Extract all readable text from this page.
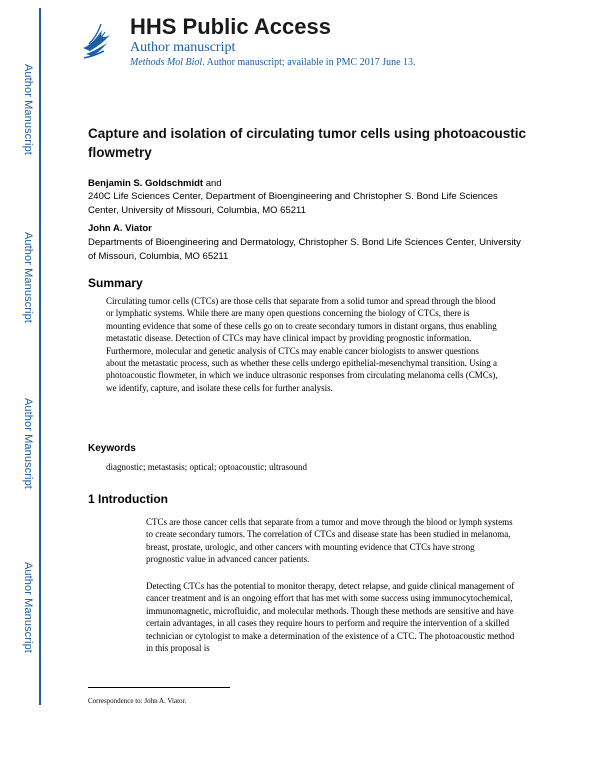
Author Manuscript
Author Manuscript
Author Manuscript
Author Manuscript
HHS Public Access
Author manuscript
Methods Mol Biol. Author manuscript; available in PMC 2017 June 13.
Capture and isolation of circulating tumor cells using photoacoustic flowmetry
Benjamin S. Goldschmidt and
240C Life Sciences Center, Department of Bioengineering and Christopher S. Bond Life Sciences Center, University of Missouri, Columbia, MO 65211
John A. Viator
Departments of Bioengineering and Dermatology, Christopher S. Bond Life Sciences Center, University of Missouri, Columbia, MO 65211
Summary
Circulating tumor cells (CTCs) are those cells that separate from a solid tumor and spread through the blood or lymphatic systems. While there are many open questions concerning the biology of CTCs, there is mounting evidence that some of these cells go on to create secondary tumors in distant organs, thus enabling metastatic disease. Detection of CTCs may have clinical impact by providing prognostic information. Furthermore, molecular and genetic analysis of CTCs may enable cancer biologists to answer questions about the metastatic process, such as whether these cells undergo epithelial-mesenchymal transition. Using a photoacoustic flowmeter, in which we induce ultrasonic responses from circulating melanoma cells (CMCs), we identify, capture, and isolate these cells for further analysis.
Keywords
diagnostic; metastasis; optical; optoacoustic; ultrasound
1 Introduction
CTCs are those cancer cells that separate from a tumor and move through the blood or lymph systems to create secondary tumors. The correlation of CTCs and disease state has been studied in melanoma, breast, prostate, urologic, and other cancers with mounting evidence that CTCs have strong prognostic value in advanced cancer patients.
Detecting CTCs has the potential to monitor therapy, detect relapse, and guide clinical management of cancer treatment and is an ongoing effort that has met with some success using immunocytochemical, immunomagnetic, microfluidic, and molecular methods. Though these methods are sensitive and have certain advantages, in all cases they require hours to perform and require the intervention of a skilled technician or cytologist to make a determination of the existence of a CTC. The photoacoustic method in this proposal is
Correspondence to: John A. Viator.
